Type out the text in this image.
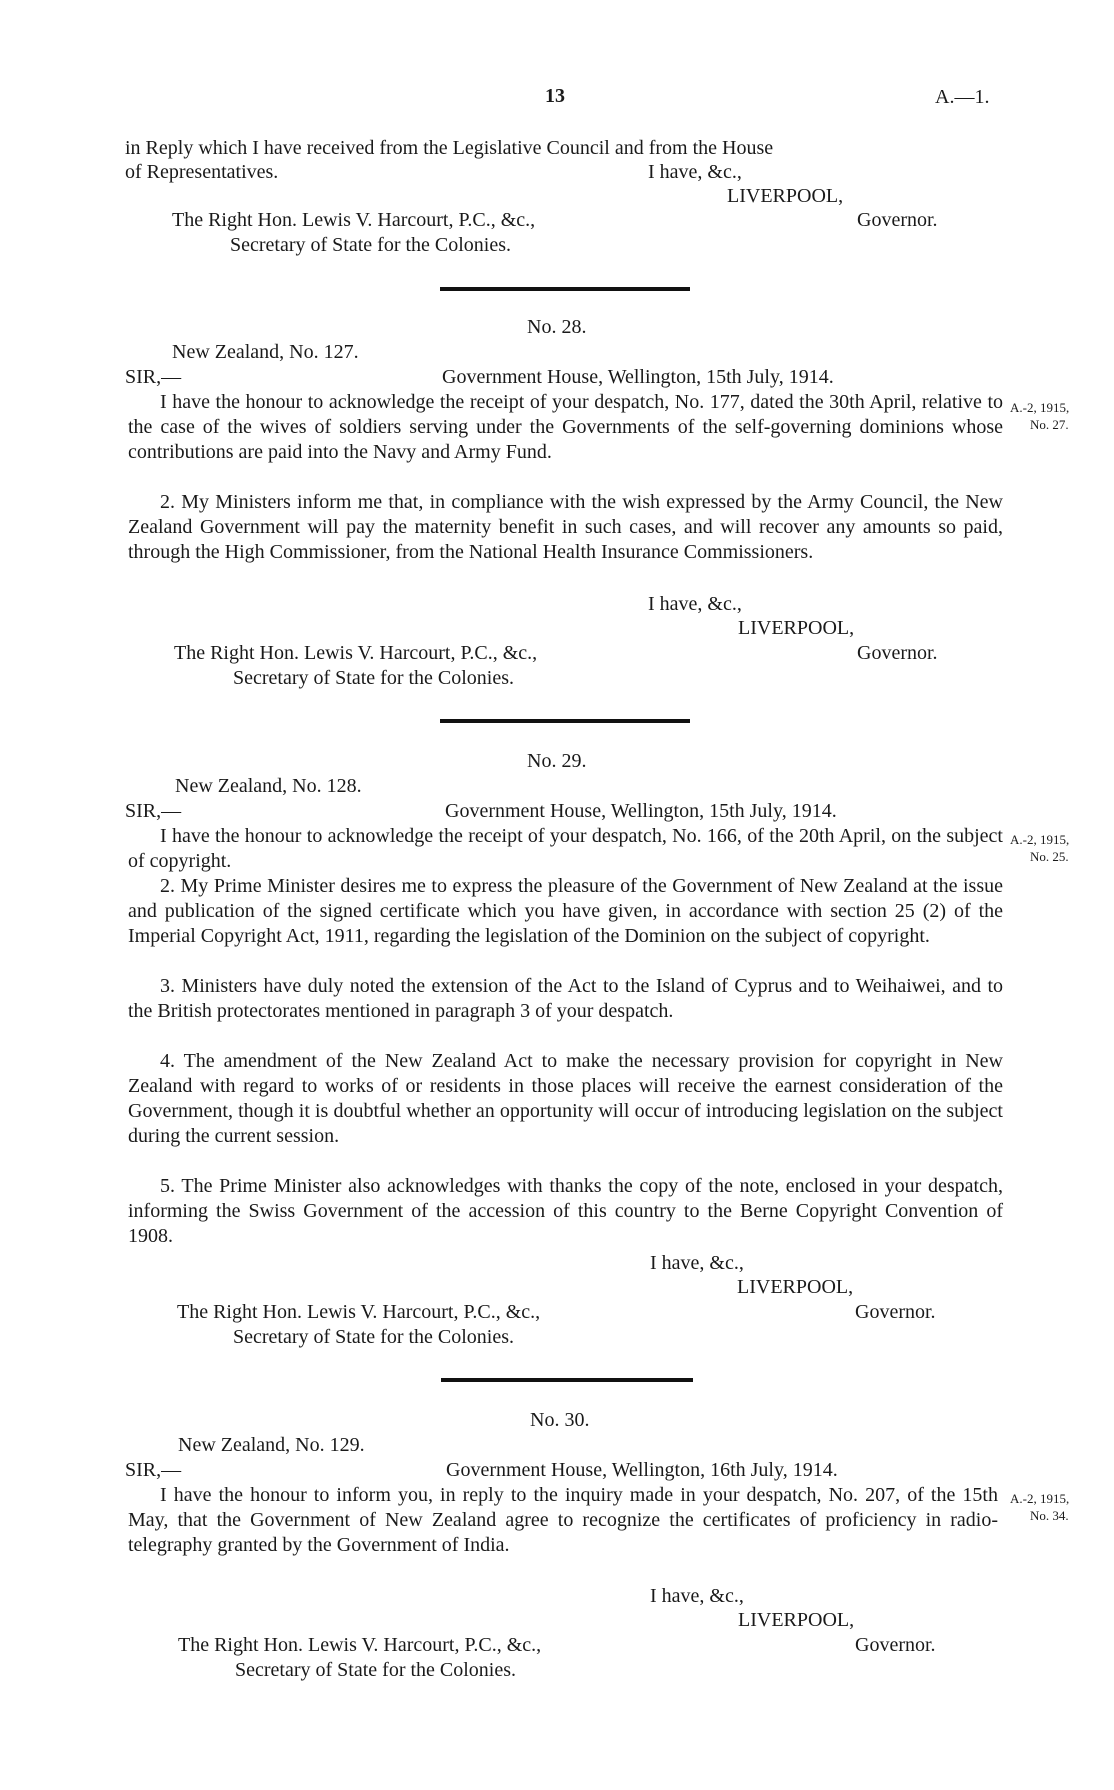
13	A.—1.
in Reply which I have received from the Legislative Council and from the House
of Representatives.	I have, &c.,
LIVERPOOL,
The Right Hon. Lewis V. Harcourt, P.C., &c.,	Governor.
Secretary of State for the Colonies.
No. 28.
New Zealand, No. 127.
SIR,—	Government House, Wellington, 15th July, 1914.
I have the honour to acknowledge the receipt of your despatch, No. 177, dated the 30th April, relative to the case of the wives of soldiers serving under the Governments of the self-governing dominions whose contributions are paid into the Navy and Army Fund.
2. My Ministers inform me that, in compliance with the wish expressed by the Army Council, the New Zealand Government will pay the maternity benefit in such cases, and will recover any amounts so paid, through the High Commissioner, from the National Health Insurance Commissioners.
A.-2, 1915,
No. 27.
I have, &c.,
LIVERPOOL,
The Right Hon. Lewis V. Harcourt, P.C., &c.,	Governor.
Secretary of State for the Colonies.
No. 29.
New Zealand, No. 128.
SIR,—	Government House, Wellington, 15th July, 1914.
I have the honour to acknowledge the receipt of your despatch, No. 166, of the 20th April, on the subject of copyright.
2. My Prime Minister desires me to express the pleasure of the Government of New Zealand at the issue and publication of the signed certificate which you have given, in accordance with section 25 (2) of the Imperial Copyright Act, 1911, regarding the legislation of the Dominion on the subject of copyright.
3. Ministers have duly noted the extension of the Act to the Island of Cyprus and to Weihaiwei, and to the British protectorates mentioned in paragraph 3 of your despatch.
4. The amendment of the New Zealand Act to make the necessary provision for copyright in New Zealand with regard to works of or residents in those places will receive the earnest consideration of the Government, though it is doubtful whether an opportunity will occur of introducing legislation on the subject during the current session.
5. The Prime Minister also acknowledges with thanks the copy of the note, enclosed in your despatch, informing the Swiss Government of the accession of this country to the Berne Copyright Convention of 1908.
A.-2, 1915,
No. 25.
I have, &c.,
LIVERPOOL,
The Right Hon. Lewis V. Harcourt, P.C., &c.,	Governor.
Secretary of State for the Colonies.
No. 30.
New Zealand, No. 129.
SIR,—	Government House, Wellington, 16th July, 1914.
I have the honour to inform you, in reply to the inquiry made in your despatch, No. 207, of the 15th May, that the Government of New Zealand agree to recognize the certificates of proficiency in radio-telegraphy granted by the Government of India.
A.-2, 1915,
No. 34.
I have, &c.,
LIVERPOOL,
The Right Hon. Lewis V. Harcourt, P.C., &c.,	Governor.
Secretary of State for the Colonies.
